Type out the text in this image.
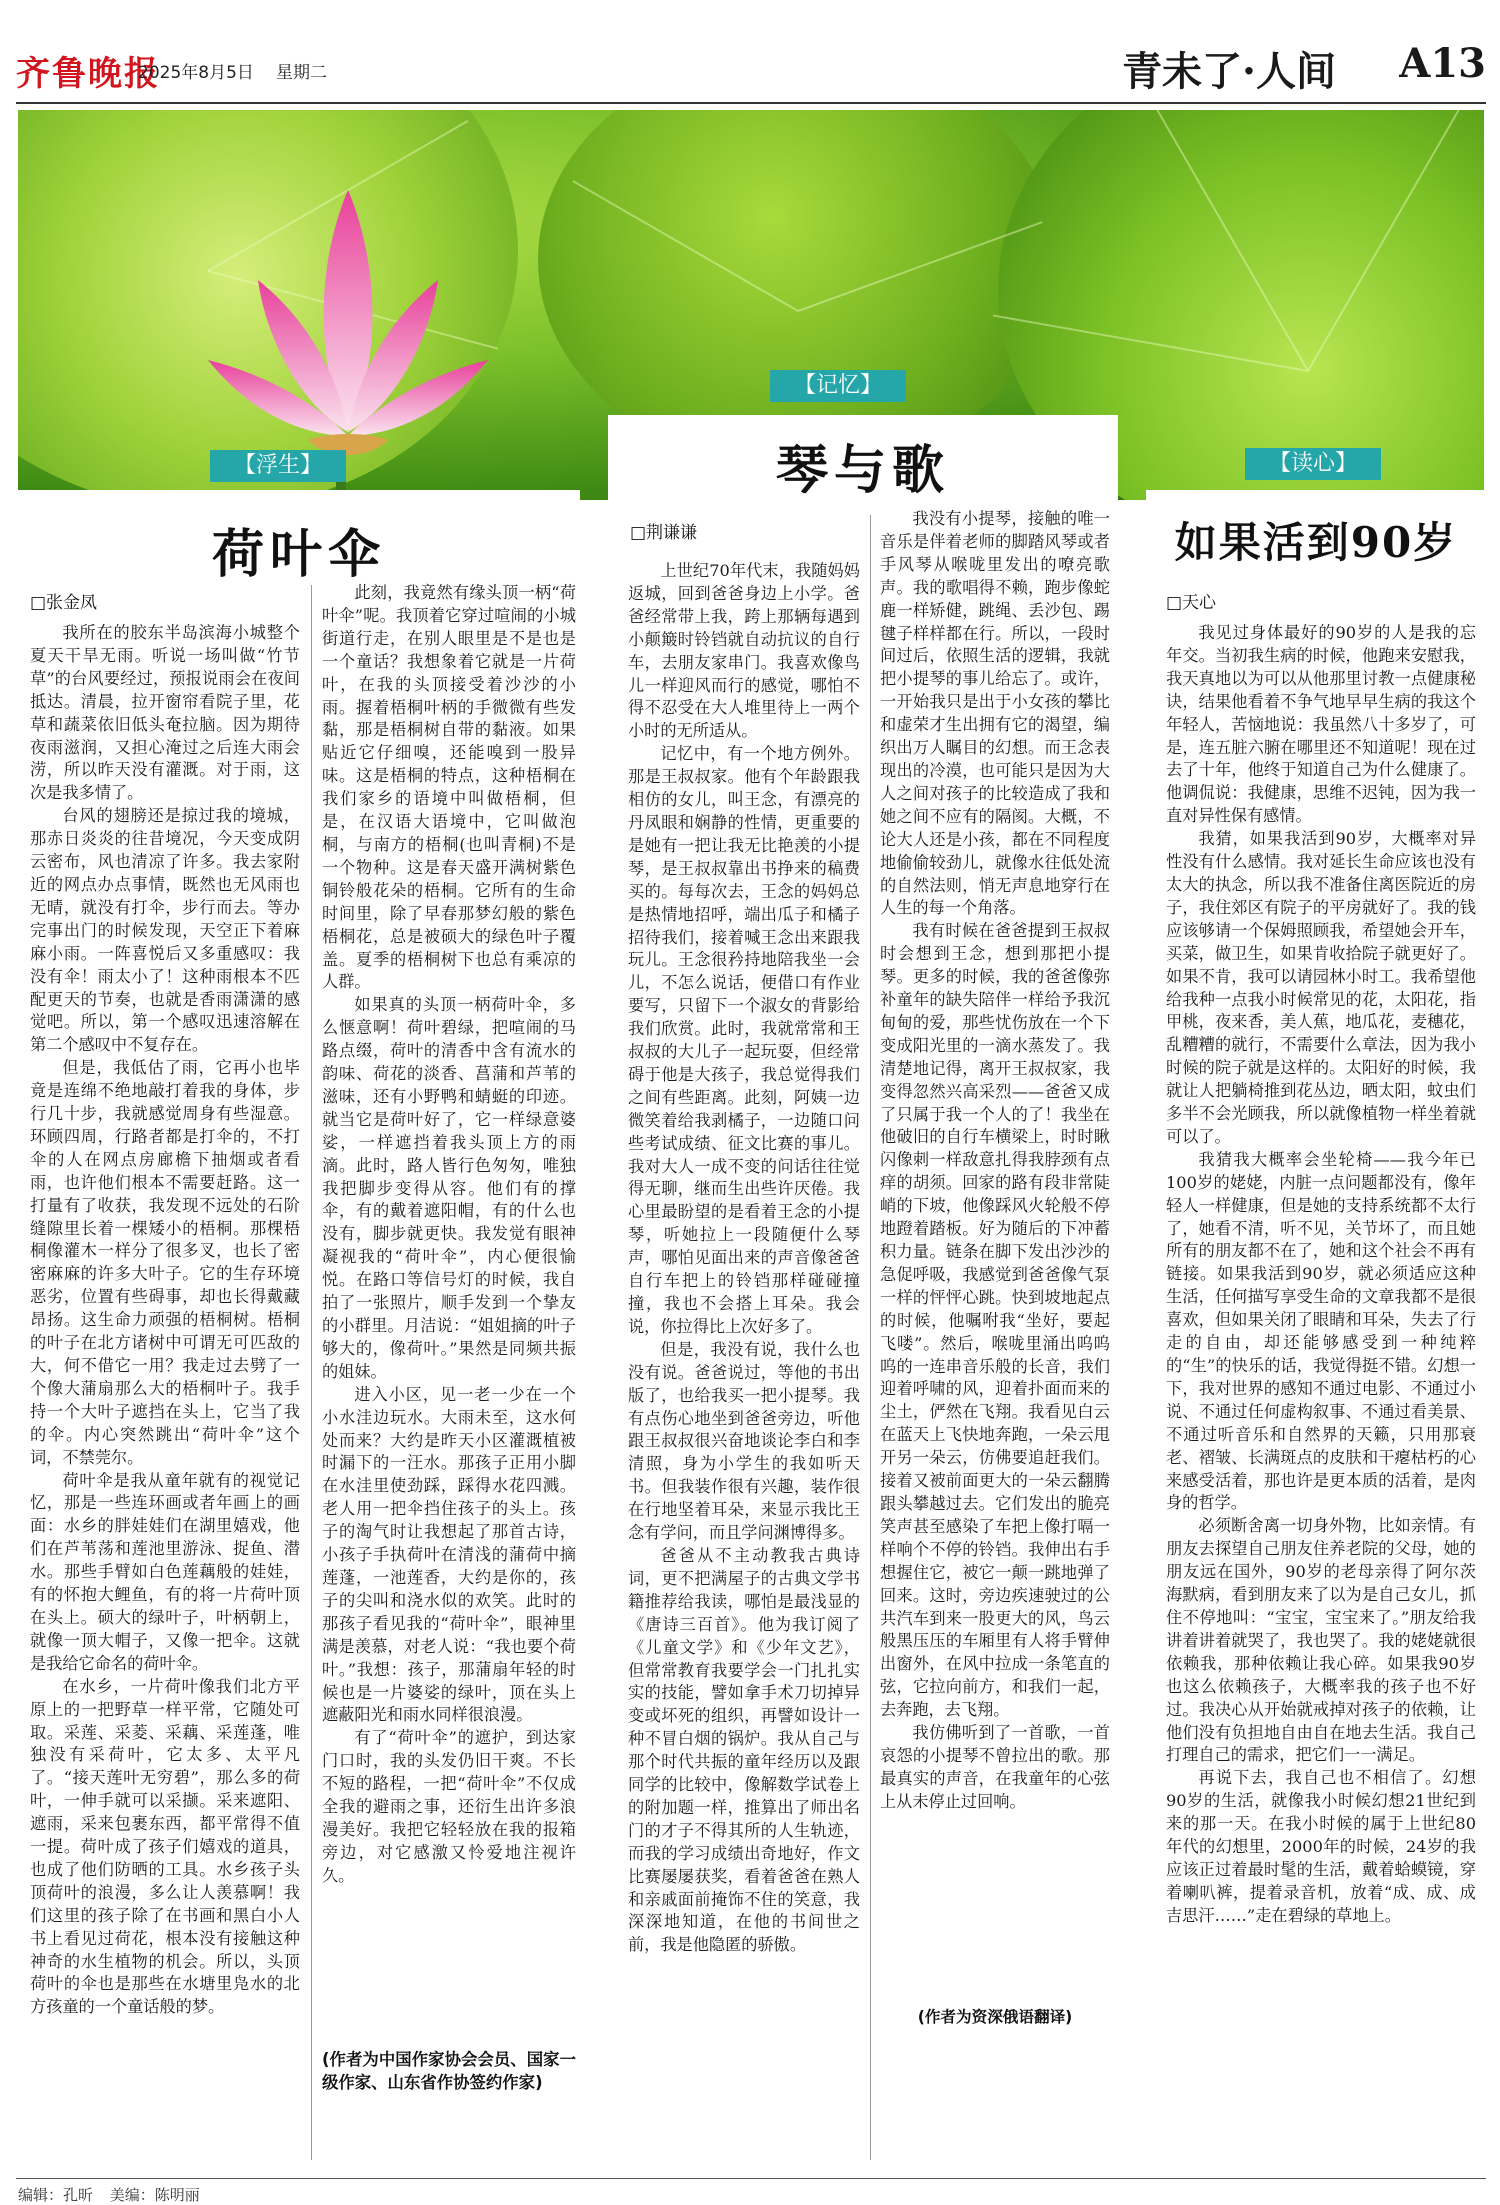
齐鲁晚报
2025年8月5日 星期二	青未了·人间 A13
【浮生】
【记忆】
【读心】
荷叶伞
琴与歌
如果活到90岁
□张金凤
□荆谦谦
□天心

我所在的胶东半岛滨海小城整个夏天干旱无雨。听说一场叫做“竹节草”的台风要经过，预报说雨会在夜间抵达。清晨，拉开窗帘看院子里，花草和蔬菜依旧低头奄拉脑。因为期待夜雨滋润，又担心淹过之后连大雨会涝，所以昨天没有灌溉。对于雨，这次是我多情了。

台风的翅膀还是掠过我的境城，那赤日炎炎的往昔境况，今天变成阴云密布，风也清凉了许多。我去家附近的网点办点事情，既然也无风雨也无晴，就没有打伞，步行而去。等办完事出门的时候发现，天空正下着麻麻小雨。一阵喜悦后又多重感叹：我没有伞！雨太小了！这种雨根本不匹配更天的节奏，也就是香雨潇潇的感觉吧。所以，第一个感叹迅速溶解在第二个感叹中不复存在。

但是，我低估了雨，它再小也毕竟是连绵不绝地敲打着我的身体，步行几十步，我就感觉周身有些湿意。环顾四周，行路者都是打伞的，不打伞的人在网点房廊檐下抽烟或者看雨，也许他们根本不需要赶路。这一打量有了收获，我发现不远处的石阶缝隙里长着一棵矮小的梧桐。那棵梧桐像灌木一样分了很多叉，也长了密密麻麻的许多大叶子。它的生存环境恶劣，位置有些碍事，却也长得戴藏昂扬。这生命力顽强的梧桐树。梧桐的叶子在北方诸树中可谓无可匹敌的大，何不借它一用？我走过去劈了一个像大蒲扇那么大的梧桐叶子。我手持一个大叶子遮挡在头上，它当了我的伞。内心突然跳出“荷叶伞”这个词，不禁莞尔。

荷叶伞是我从童年就有的视觉记忆，那是一些连环画或者年画上的画面：水乡的胖娃娃们在湖里嬉戏，他们在芦苇荡和莲池里游泳、捉鱼、潜水。那些手臂如白色莲藕般的娃娃，有的怀抱大鲤鱼，有的将一片荷叶顶在头上。硕大的绿叶子，叶柄朝上，就像一顶大帽子，又像一把伞。这就是我给它命名的荷叶伞。

在水乡，一片荷叶像我们北方平原上的一把野草一样平常，它随处可取。采莲、采菱、采藕、采莲蓬，唯独没有采荷叶，它太多、太平凡了。“接天莲叶无穷碧”，那么多的荷叶，一伸手就可以采撷。采来遮阳、遮雨，采来包裹东西，都平常得不值一提。荷叶成了孩子们嬉戏的道具，也成了他们防晒的工具。水乡孩子头顶荷叶的浪漫，多么让人羡慕啊！我们这里的孩子除了在书画和黑白小人书上看见过荷花，根本没有接触这种神奇的水生植物的机会。所以，头顶荷叶的伞也是那些在水塘里凫水的北方孩童的一个童话般的梦。

此刻，我竟然有缘头顶一柄“荷叶伞”呢。我顶着它穿过喧闹的小城街道行走，在别人眼里是不是也是一个童话？我想象着它就是一片荷叶，在我的头顶接受着沙沙的小雨。握着梧桐叶柄的手微微有些发黏，那是梧桐树自带的黏液。如果贴近它仔细嗅，还能嗅到一股异味。这是梧桐的特点，这种梧桐在我们家乡的语境中叫做梧桐，但是，在汉语大语境中，它叫做泡桐，与南方的梧桐(也叫青桐)不是一个物种。这是春天盛开满树紫色铜铃般花朵的梧桐。它所有的生命时间里，除了早春那梦幻般的紫色梧桐花，总是被硕大的绿色叶子覆盖。夏季的梧桐树下也总有乘凉的人群。

如果真的头顶一柄荷叶伞，多么惬意啊！荷叶碧绿，把喧闹的马路点缀，荷叶的清香中含有流水的韵味、荷花的淡香、菖蒲和芦苇的滋味，还有小野鸭和蜻蜓的印迹。就当它是荷叶好了，它一样绿意婆娑，一样遮挡着我头顶上方的雨滴。此时，路人皆行色匆匆，唯独我把脚步变得从容。他们有的撑伞，有的戴着遮阳帽，有的什么也没有，脚步就更快。我发觉有眼神凝视我的“荷叶伞”，内心便很愉悦。在路口等信号灯的时候，我自拍了一张照片，顺手发到一个挚友的小群里。月洁说：“姐姐摘的叶子够大的，像荷叶。”果然是同频共振的姐妹。

进入小区，见一老一少在一个小水洼边玩水。大雨未至，这水何处而来？大约是昨天小区灌溉植被时漏下的一汪水。那孩子正用小脚在水洼里使劲踩，踩得水花四溅。老人用一把伞挡住孩子的头上。孩子的淘气时让我想起了那首古诗，小孩子手执荷叶在清浅的蒲荷中摘莲蓬，一池莲香，大约是你的，孩子的尖叫和浇水似的欢笑。此时的那孩子看见我的“荷叶伞”，眼神里满是羡慕，对老人说：“我也要个荷叶。”我想：孩子，那蒲扇年轻的时候也是一片婆娑的绿叶，顶在头上遮蔽阳光和雨水同样很浪漫。

有了“荷叶伞”的遮护，到达家门口时，我的头发仍旧干爽。不长不短的路程，一把“荷叶伞”不仅成全我的避雨之事，还衍生出许多浪漫美好。我把它轻轻放在我的报箱旁边，对它感激又怜爱地注视许久。

(作者为中国作家协会会员、国家一级作家、山东省作协签约作家)

上世纪70年代末，我随妈妈返城，回到爸爸身边上小学。爸爸经常带上我，跨上那辆每遇到小颠簸时铃铛就自动抗议的自行车，去朋友家串门。我喜欢像鸟儿一样迎风而行的感觉，哪怕不得不忍受在大人堆里待上一两个小时的无所适从。

记忆中，有一个地方例外。那是王叔叔家。他有个年龄跟我相仿的女儿，叫王念，有漂亮的丹凤眼和娴静的性情，更重要的是她有一把让我无比艳羡的小提琴，是王叔叔靠出书挣来的稿费买的。每每次去，王念的妈妈总是热情地招呼，端出瓜子和橘子招待我们，接着喊王念出来跟我玩儿。王念很矜持地陪我坐一会儿，不怎么说话，便借口有作业要写，只留下一个淑女的背影给我们欣赏。此时，我就常常和王叔叔的大儿子一起玩耍，但经常碍于他是大孩子，我总觉得我们之间有些距离。此刻，阿姨一边微笑着给我剥橘子，一边随口问些考试成绩、征文比赛的事儿。我对大人一成不变的问话往往觉得无聊，继而生出些许厌倦。我心里最盼望的是看着王念的小提琴，听她拉上一段随便什么琴声，哪怕见面出来的声音像爸爸自行车把上的铃铛那样碰碰撞撞，我也不会搭上耳朵。我会说，你拉得比上次好多了。

但是，我没有说，我什么也没有说。爸爸说过，等他的书出版了，也给我买一把小提琴。我有点伤心地坐到爸爸旁边，听他跟王叔叔很兴奋地谈论李白和李清照，身为小学生的我如听天书。但我装作很有兴趣，装作很在行地坚着耳朵，来显示我比王念有学问，而且学问渊博得多。

爸爸从不主动教我古典诗词，更不把满屋子的古典文学书籍推荐给我读，哪怕是最浅显的《唐诗三百首》。他为我订阅了《儿童文学》和《少年文艺》，但常常教育我要学会一门扎扎实实的技能，譬如拿手术刀切掉异变或坏死的组织，再譬如设计一种不冒白烟的锅炉。我从自己与那个时代共振的童年经历以及跟同学的比较中，像解数学试卷上的附加题一样，推算出了师出名门的才子不得其所的人生轨迹，而我的学习成绩出奇地好，作文比赛屡屡获奖，看着爸爸在熟人和亲戚面前掩饰不住的笑意，我深深地知道，在他的书间世之前，我是他隐匿的骄傲。

我没有小提琴，接触的唯一音乐是伴着老师的脚踏风琴或者手风琴从喉咙里发出的嘹亮歌声。我的歌唱得不赖，跑步像蛇鹿一样矫健，跳绳、丢沙包、踢毽子样样都在行。所以，一段时间过后，依照生活的逻辑，我就把小提琴的事儿给忘了。或许，一开始我只是出于小女孩的攀比和虚荣才生出拥有它的渴望，编织出万人瞩目的幻想。而王念表现出的冷漠，也可能只是因为大人之间对孩子的比较造成了我和她之间不应有的隔阂。大概，不论大人还是小孩，都在不同程度地偷偷较劲儿，就像水往低处流的自然法则，悄无声息地穿行在人生的每一个角落。

我有时候在爸爸提到王叔叔时会想到王念，想到那把小提琴。更多的时候，我的爸爸像弥补童年的缺失陪伴一样给予我沉甸甸的爱，那些忧伤放在一个下变成阳光里的一滴水蒸发了。我清楚地记得，离开王叔叔家，我变得忽然兴高采烈——爸爸又成了只属于我一个人的了！我坐在他破旧的自行车横梁上，时时瞅闪像刺一样敌意扎得我脖颈有点痒的胡须。回家的路有段非常陡峭的下坡，他像踩风火轮般不停地蹬着踏板。好为随后的下冲蓄积力量。链条在脚下发出沙沙的急促呼吸，我感觉到爸爸像气泵一样的怦怦心跳。快到坡地起点的时候，他嘱咐我“坐好，要起飞喽”。然后，喉咙里涌出呜呜呜的一连串音乐般的长音，我们迎着呼啸的风，迎着扑面而来的尘土，俨然在飞翔。我看见白云在蓝天上飞快地奔跑，一朵云甩开另一朵云，仿佛要追赶我们。接着又被前面更大的一朵云翻腾跟头攀越过去。它们发出的脆亮笑声甚至感染了车把上像打嗝一样响个不停的铃铛。我伸出右手想握住它，被它一颠一跳地弹了回来。这时，旁边疾速驶过的公共汽车到来一股更大的风，鸟云般黑压压的车厢里有人将手臂伸出窗外，在风中拉成一条笔直的弦，它拉向前方，和我们一起，去奔跑，去飞翔。

我仿佛听到了一首歌，一首哀怨的小提琴不曾拉出的歌。那最真实的声音，在我童年的心弦上从未停止过回响。

(作者为资深俄语翻译)

我见过身体最好的90岁的人是我的忘年交。当初我生病的时候，他跑来安慰我，我天真地以为可以从他那里讨教一点健康秘诀，结果他看着不争气地早早生病的我这个年轻人，苦恼地说：我虽然八十多岁了，可是，连五脏六腑在哪里还不知道呢！现在过去了十年，他终于知道自己为什么健康了。他调侃说：我健康，思维不迟钝，因为我一直对异性保有感情。

我猜，如果我活到90岁，大概率对异性没有什么感情。我对延长生命应该也没有太大的执念，所以我不准备住离医院近的房子，我住郊区有院子的平房就好了。我的钱应该够请一个保姆照顾我，希望她会开车，买菜，做卫生，如果肯收拾院子就更好了。如果不肯，我可以请园林小时工。我希望他给我种一点我小时候常见的花，太阳花，指甲桃，夜来香，美人蕉，地瓜花，麦穗花，乱糟糟的就行，不需要什么章法，因为我小时候的院子就是这样的。太阳好的时候，我就让人把躺椅推到花丛边，晒太阳，蚊虫们多半不会光顾我，所以就像植物一样坐着就可以了。

我猜我大概率会坐轮椅——我今年已100岁的姥姥，内脏一点问题都没有，像年轻人一样健康，但是她的支持系统都不太行了，她看不清，听不见，关节坏了，而且她所有的朋友都不在了，她和这个社会不再有链接。如果我活到90岁，就必须适应这种生活，任何描写享受生命的文章我都不是很喜欢，但如果关闭了眼睛和耳朵，失去了行走的自由，却还能够感受到一种纯粹的“生”的快乐的话，我觉得挺不错。幻想一下，我对世界的感知不通过电影、不通过小说、不通过任何虚构叙事、不通过看美景、不通过听音乐和自然界的天籁，只用那衰老、褶皱、长满斑点的皮肤和干瘪枯朽的心来感受活着，那也许是更本质的活着，是肉身的哲学。

必须断舍离一切身外物，比如亲情。有朋友去探望自己朋友住养老院的父母，她的朋友远在国外，90岁的老母亲得了阿尔茨海默病，看到朋友来了以为是自己女儿，抓住不停地叫：“宝宝，宝宝来了。”朋友给我讲着讲着就哭了，我也哭了。我的姥姥就很依赖我，那种依赖让我心碎。如果我90岁也这么依赖孩子，大概率我的孩子也不好过。我决心从开始就戒掉对孩子的依赖，让他们没有负担地自由自在地去生活。我自己打理自己的需求，把它们一一满足。

再说下去，我自己也不相信了。幻想90岁的生活，就像我小时候幻想21世纪到来的那一天。在我小时候的属于上世纪80年代的幻想里，2000年的时候，24岁的我应该正过着最时髦的生活，戴着蛤蟆镜，穿着喇叭裤，提着录音机，放着“成、成、成吉思汗……”走在碧绿的草地上。

编辑：孔昕 美编：陈明丽
